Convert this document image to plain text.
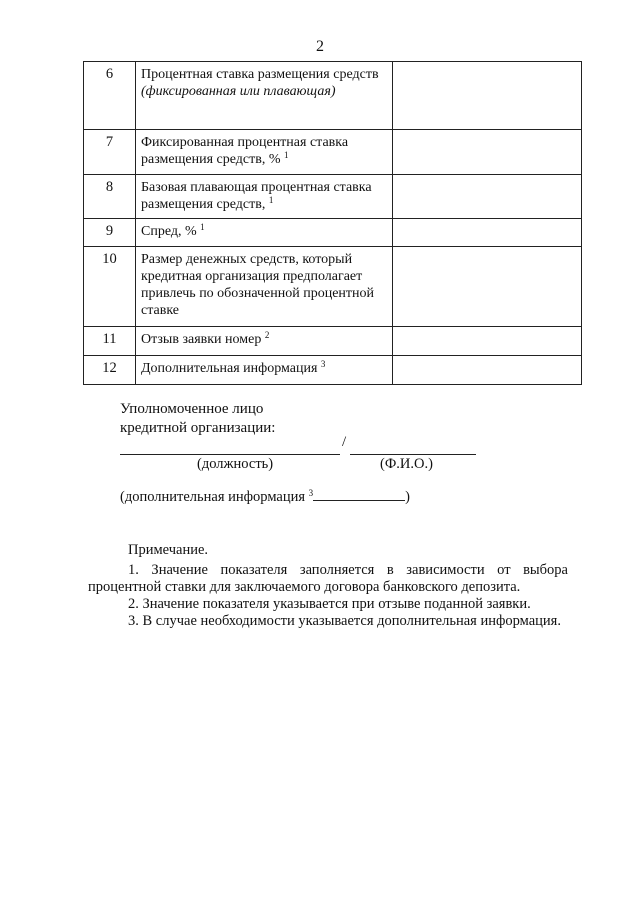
2
6	Процентная ставка размещения средств (фиксированная или плавающая)	
7	Фиксированная процентная ставка размещения средств, % $^1$	
8	Базовая плавающая процентная ставка размещения средств, $^1$	
9	Спред, % $^1$	
10	Размер денежных средств, который кредитная организация предполагает привлечь по обозначенной процентной ставке	
11	Отзыв заявки номер $^2$	
12	Дополнительная информация $^3$	
Уполномоченное лицо
кредитной организации:
/
(должность)	(Ф.И.О.)
(дополнительная информация $^3$	)
Примечание.
1. Значение показателя заполняется в зависимости от выбора
процентной ставки для заключаемого договора банковского депозита.
2. Значение показателя указывается при отзыве поданной заявки.
3. В случае необходимости указывается дополнительная информация.
